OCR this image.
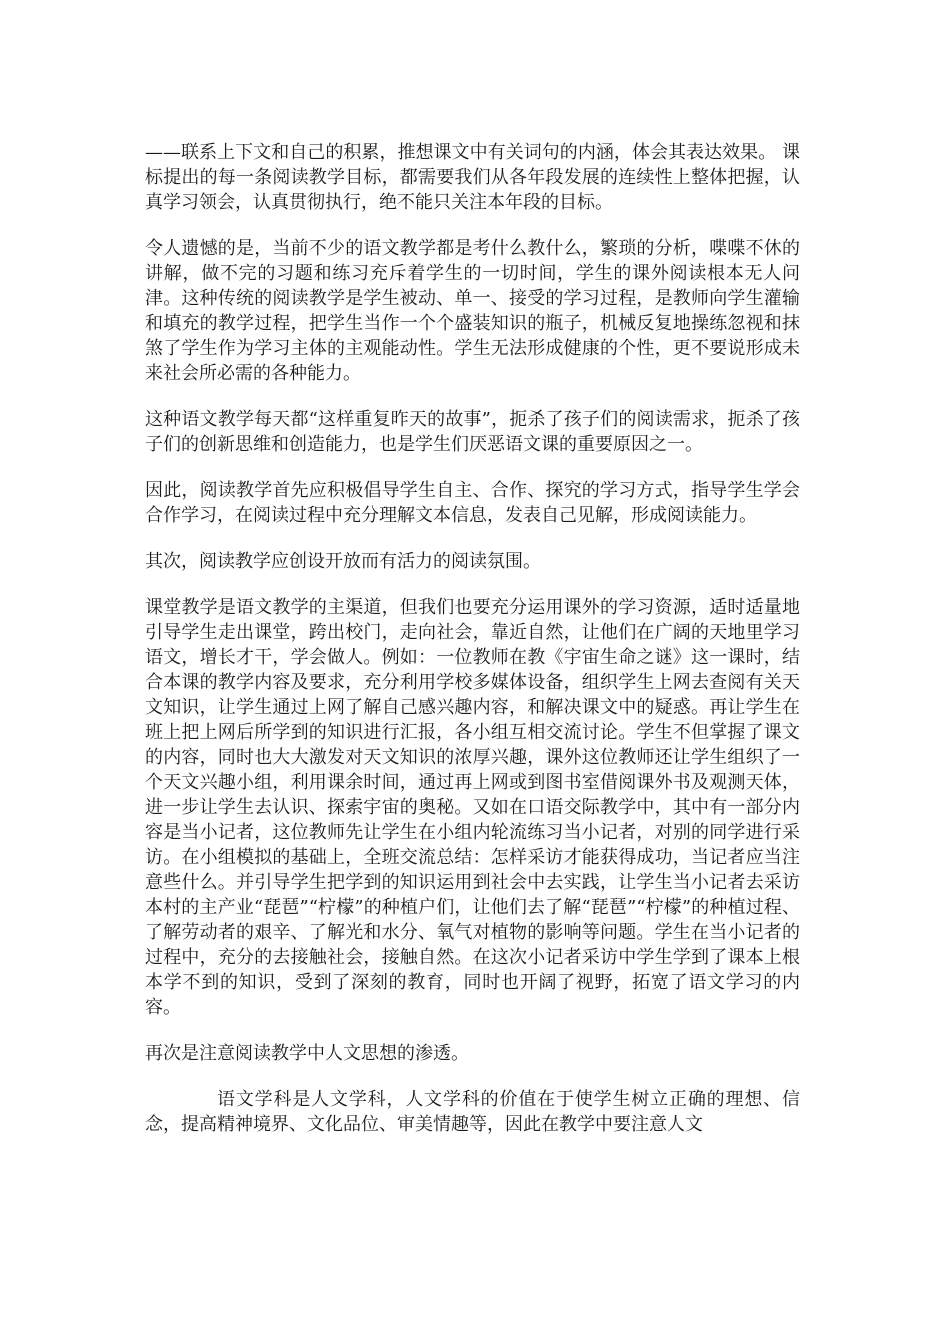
——联系上下文和自己的积累，推想课文中有关词句的内涵，体会其表达效果。 课标提出的每一条阅读教学目标，都需要我们从各年段发展的连续性上整体把握，认真学习领会，认真贯彻执行，绝不能只关注本年段的目标。

令人遗憾的是，当前不少的语文教学都是考什么教什么，繁琐的分析，喋喋不休的讲解，做不完的习题和练习充斥着学生的一切时间，学生的课外阅读根本无人问津。这种传统的阅读教学是学生被动、单一、接受的学习过程，是教师向学生灌输和填充的教学过程，把学生当作一个个盛装知识的瓶子，机械反复地操练忽视和抹煞了学生作为学习主体的主观能动性。学生无法形成健康的个性，更不要说形成未来社会所必需的各种能力。

这种语文教学每天都“这样重复昨天的故事”，扼杀了孩子们的阅读需求，扼杀了孩子们的创新思维和创造能力，也是学生们厌恶语文课的重要原因之一。

因此，阅读教学首先应积极倡导学生自主、合作、探究的学习方式，指导学生学会合作学习，在阅读过程中充分理解文本信息，发表自己见解，形成阅读能力。

其次，阅读教学应创设开放而有活力的阅读氛围。

课堂教学是语文教学的主渠道，但我们也要充分运用课外的学习资源，适时适量地引导学生走出课堂，跨出校门，走向社会，靠近自然，让他们在广阔的天地里学习语文，增长才干，学会做人。例如：一位教师在教《宇宙生命之谜》这一课时，结合本课的教学内容及要求，充分利用学校多媒体设备，组织学生上网去查阅有关天文知识，让学生通过上网了解自己感兴趣内容，和解决课文中的疑惑。再让学生在班上把上网后所学到的知识进行汇报，各小组互相交流讨论。学生不但掌握了课文的内容，同时也大大激发对天文知识的浓厚兴趣，课外这位教师还让学生组织了一个天文兴趣小组，利用课余时间，通过再上网或到图书室借阅课外书及观测天体，进一步让学生去认识、探索宇宙的奥秘。又如在口语交际教学中，其中有一部分内容是当小记者，这位教师先让学生在小组内轮流练习当小记者，对别的同学进行采访。在小组模拟的基础上，全班交流总结：怎样采访才能获得成功，当记者应当注意些什么。并引导学生把学到的知识运用到社会中去实践，让学生当小记者去采访本村的主产业“琵琶”“柠檬”的种植户们，让他们去了解“琵琶”“柠檬”的种植过程、了解劳动者的艰辛、了解光和水分、氧气对植物的影响等问题。学生在当小记者的过程中，充分的去接触社会，接触自然。在这次小记者采访中学生学到了课本上根本学不到的知识，受到了深刻的教育，同时也开阔了视野，拓宽了语文学习的内容。

再次是注意阅读教学中人文思想的渗透。

语文学科是人文学科，人文学科的价值在于使学生树立正确的理想、信念，提高精神境界、文化品位、审美情趣等，因此在教学中要注意人文
